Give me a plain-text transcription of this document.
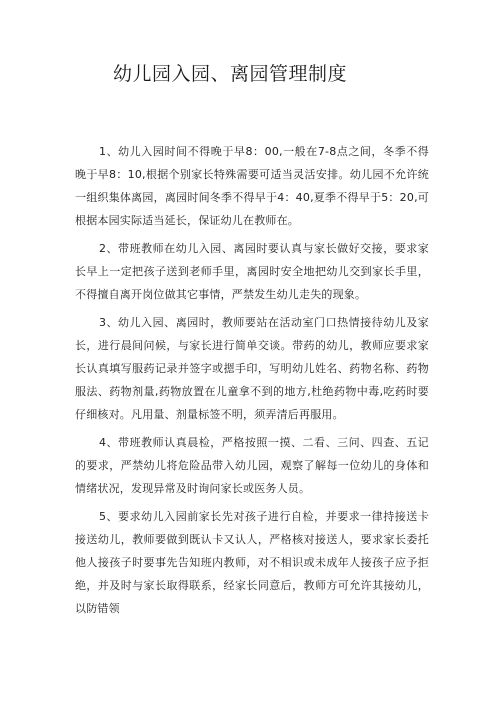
幼儿园入园、离园管理制度

1、幼儿入园时间不得晚于早8：00,一般在7-8点之间，冬季不得晚于早8：10,根据个别家长特殊需要可适当灵活安排。幼儿园不允许统一组织集体离园，离园时间冬季不得早于4：40,夏季不得早于5：20,可根据本园实际适当延长，保证幼儿在教师在。

2、带班教师在幼儿入园、离园时要认真与家长做好交接，要求家长早上一定把孩子送到老师手里，离园时安全地把幼儿交到家长手里，不得擅自离开岗位做其它事情，严禁发生幼儿走失的现象。

3、幼儿入园、离园时，教师要站在活动室门口热情接待幼儿及家长，进行晨间问候，与家长进行简单交谈。带药的幼儿，教师应要求家长认真填写服药记录并签字或摁手印，写明幼儿姓名、药物名称、药物服法、药物剂量,药物放置在儿童拿不到的地方,杜绝药物中毒,吃药时要仔细核对。凡用量、剂量标签不明，须弄清后再服用。

4、带班教师认真晨检，严格按照一摸、二看、三问、四查、五记的要求，严禁幼儿将危险品带入幼儿园，观察了解每一位幼儿的身体和情绪状况，发现异常及时询问家长或医务人员。

5、要求幼儿入园前家长先对孩子进行自检，并要求一律持接送卡接送幼儿，教师要做到既认卡又认人，严格核对接送人，要求家长委托他人接孩子时要事先告知班内教师，对不相识或未成年人接孩子应予拒绝，并及时与家长取得联系，经家长同意后，教师方可允许其接幼儿，以防错领
